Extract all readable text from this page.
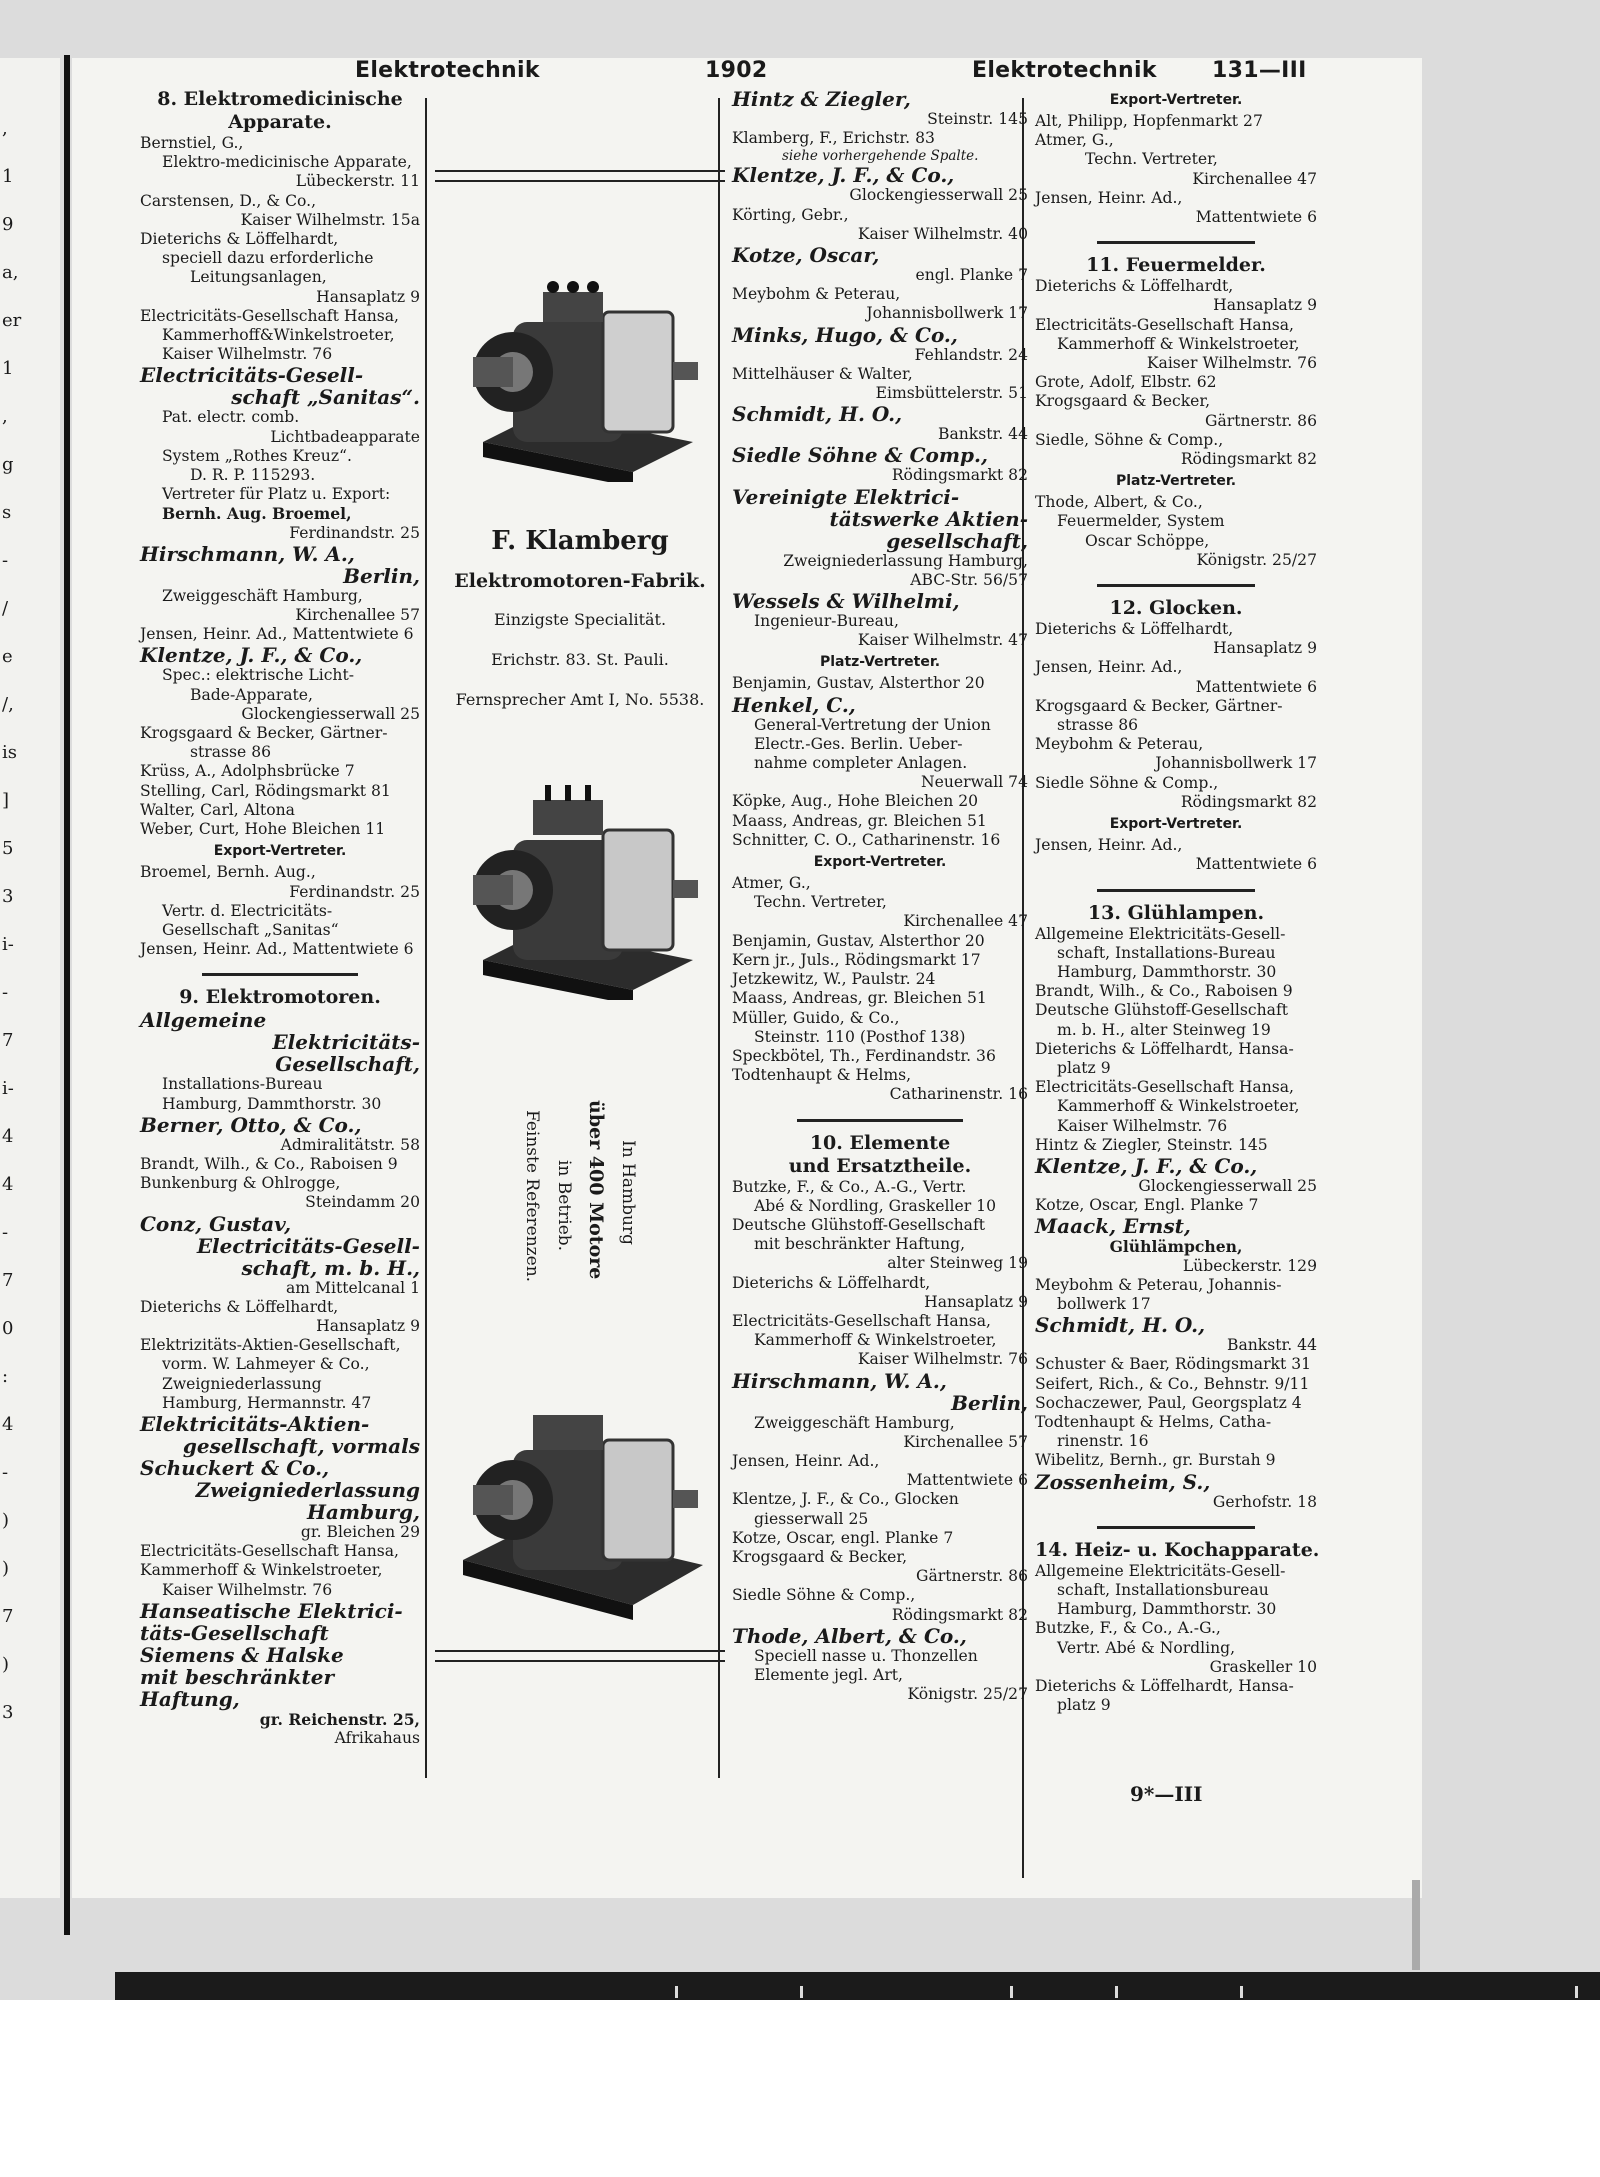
,
1
9
a,
er
1
,
g
s
-
/
e
/,
is
]
5
3
i-
-
7
i-
4
4
-
7
0
:
4
-
)
)
7
)
3
Elektrotechnik	1902	Elektrotechnik	131—III

8. Elektromedicinische

Apparate.

Bernstiel, G.,

Elektro-medicinische Apparate,

Lübeckerstr. 11

Carstensen, D., & Co.,

Kaiser Wilhelmstr. 15a

Dieterichs & Löffelhardt,

speciell dazu erforderliche

Leitungsanlagen,

Hansaplatz 9

Electricitäts-Gesellschaft Hansa,

Kammerhoff&Winkelstroeter,

Kaiser Wilhelmstr. 76

Electricitäts-Gesell-

schaft „Sanitas“.

Pat. electr. comb.

Lichtbadeapparate

System „Rothes Kreuz“.

D. R. P. 115293.

Vertreter für Platz u. Export:

Bernh. Aug. Broemel,

Ferdinandstr. 25

Hirschmann, W. A.,

Berlin,

Zweiggeschäft Hamburg,

Kirchenallee 57

Jensen, Heinr. Ad., Mattentwiete 6

Klentze, J. F., & Co.,

Spec.: elektrische Licht-

Bade-Apparate,

Glockengiesserwall 25

Krogsgaard & Becker, Gärtner-

strasse 86

Krüss, A., Adolphsbrücke 7

Stelling, Carl, Rödingsmarkt 81

Walter, Carl, Altona

Weber, Curt, Hohe Bleichen 11

Export-Vertreter.

Broemel, Bernh. Aug.,

Ferdinandstr. 25

Vertr. d. Electricitäts-

Gesellschaft „Sanitas“

Jensen, Heinr. Ad., Mattentwiete 6

9. Elektromotoren.

Allgemeine

Elektricitäts-

Gesellschaft,

Installations-Bureau

Hamburg, Dammthorstr. 30

Berner, Otto, & Co.,

Admiralitätstr. 58

Brandt, Wilh., & Co., Raboisen 9

Bunkenburg & Ohlrogge,

Steindamm 20

Conz, Gustav,

Electricitäts-Gesell-

schaft, m. b. H.,

am Mittelcanal 1

Dieterichs & Löffelhardt,

Hansaplatz 9

Elektrizitäts-Aktien-Gesellschaft,

vorm. W. Lahmeyer & Co.,

Zweigniederlassung

Hamburg, Hermannstr. 47

Elektricitäts-Aktien-

gesellschaft, vormals

Schuckert & Co.,

Zweigniederlassung

Hamburg,

gr. Bleichen 29

Electricitäts-Gesellschaft Hansa,

Kammerhoff & Winkelstroeter,

Kaiser Wilhelmstr. 76

Hanseatische Elektrici-

täts-Gesellschaft

Siemens & Halske

mit beschränkter

Haftung,

gr. Reichenstr. 25,

Afrikahaus

Hintz & Ziegler,

Steinstr. 145

Klamberg, F., Erichstr. 83

siehe vorhergehende Spalte.

Klentze, J. F., & Co.,

Glockengiesserwall 25

Körting, Gebr.,

Kaiser Wilhelmstr. 40

Kotze, Oscar,

engl. Planke 7

Meybohm & Peterau,

Johannisbollwerk 17

Minks, Hugo, & Co.,

Fehlandstr. 24

Mittelhäuser & Walter,

Eimsbüttelerstr. 51

Schmidt, H. O.,

Bankstr. 44

Siedle Söhne & Comp.,

Rödingsmarkt 82

Vereinigte Elektrici-

tätswerke Aktien-

gesellschaft,

Zweigniederlassung Hamburg,

ABC-Str. 56/57

Wessels & Wilhelmi,

Ingenieur-Bureau,

Kaiser Wilhelmstr. 47

Platz-Vertreter.

Benjamin, Gustav, Alsterthor 20

Henkel, C.,

General-Vertretung der Union

Electr.-Ges. Berlin. Ueber-

nahme completer Anlagen.

Neuerwall 74

Köpke, Aug., Hohe Bleichen 20

Maass, Andreas, gr. Bleichen 51

Schnitter, C. O., Catharinenstr. 16

Export-Vertreter.

Atmer, G.,

Techn. Vertreter,

Kirchenallee 47

Benjamin, Gustav, Alsterthor 20

Kern jr., Juls., Rödingsmarkt 17

Jetzkewitz, W., Paulstr. 24

Maass, Andreas, gr. Bleichen 51

Müller, Guido, & Co.,

Steinstr. 110 (Posthof 138)

Speckbötel, Th., Ferdinandstr. 36

Todtenhaupt & Helms,

Catharinenstr. 16

10. Elemente

und Ersatztheile.

Butzke, F., & Co., A.-G., Vertr.

Abé & Nordling, Graskeller 10

Deutsche Glühstoff-Gesellschaft

mit beschränkter Haftung,

alter Steinweg 19

Dieterichs & Löffelhardt,

Hansaplatz 9

Electricitäts-Gesellschaft Hansa,

Kammerhoff & Winkelstroeter,

Kaiser Wilhelmstr. 76

Hirschmann, W. A.,

Berlin,

Zweiggeschäft Hamburg,

Kirchenallee 57

Jensen, Heinr. Ad.,

Mattentwiete 6

Klentze, J. F., & Co., Glocken

giesserwall 25

Kotze, Oscar, engl. Planke 7

Krogsgaard & Becker,

Gärtnerstr. 86

Siedle Söhne & Comp.,

Rödingsmarkt 82

Thode, Albert, & Co.,

Speciell nasse u. Thonzellen

Elemente jegl. Art,

Königstr. 25/27

Export-Vertreter.

Alt, Philipp, Hopfenmarkt 27

Atmer, G.,

Techn. Vertreter,

Kirchenallee 47

Jensen, Heinr. Ad.,

Mattentwiete 6

11. Feuermelder.

Dieterichs & Löffelhardt,

Hansaplatz 9

Electricitäts-Gesellschaft Hansa,

Kammerhoff & Winkelstroeter,

Kaiser Wilhelmstr. 76

Grote, Adolf, Elbstr. 62

Krogsgaard & Becker,

Gärtnerstr. 86

Siedle, Söhne & Comp.,

Rödingsmarkt 82

Platz-Vertreter.

Thode, Albert, & Co.,

Feuermelder, System

Oscar Schöppe,

Königstr. 25/27

12. Glocken.

Dieterichs & Löffelhardt,

Hansaplatz 9

Jensen, Heinr. Ad.,

Mattentwiete 6

Krogsgaard & Becker, Gärtner-

strasse 86

Meybohm & Peterau,

Johannisbollwerk 17

Siedle Söhne & Comp.,

Rödingsmarkt 82

Export-Vertreter.

Jensen, Heinr. Ad.,

Mattentwiete 6

13. Glühlampen.

Allgemeine Elektricitäts-Gesell-

schaft, Installations-Bureau

Hamburg, Dammthorstr. 30

Brandt, Wilh., & Co., Raboisen 9

Deutsche Glühstoff-Gesellschaft

m. b. H., alter Steinweg 19

Dieterichs & Löffelhardt, Hansa-

platz 9

Electricitäts-Gesellschaft Hansa,

Kammerhoff & Winkelstroeter,

Kaiser Wilhelmstr. 76

Hintz & Ziegler, Steinstr. 145

Klentze, J. F., & Co.,

Glockengiesserwall 25

Kotze, Oscar, Engl. Planke 7

Maack, Ernst,

Glühlämpchen,

Lübeckerstr. 129

Meybohm & Peterau, Johannis-

bollwerk 17

Schmidt, H. O.,

Bankstr. 44

Schuster & Baer, Rödingsmarkt 31

Seifert, Rich., & Co., Behnstr. 9/11

Sochaczewer, Paul, Georgsplatz 4

Todtenhaupt & Helms, Catha-

rinenstr. 16

Wibelitz, Bernh., gr. Burstah 9

Zossenheim, S.,

Gerhofstr. 18

14. Heiz- u. Kochapparate.

Allgemeine Elektricitäts-Gesell-

schaft, Installationsbureau

Hamburg, Dammthorstr. 30

Butzke, F., & Co., A.-G.,

Vertr. Abé & Nordling,

Graskeller 10

Dieterichs & Löffelhardt, Hansa-

platz 9

F. Klamberg
Elektromotoren-Fabrik.
Einzigste Specialität.
Erichstr. 83. St. Pauli.
Fernsprecher Amt I, No. 5538.
In Hamburg
über 400 Motore
in Betrieb.
Feinste Referenzen.
9*—III
